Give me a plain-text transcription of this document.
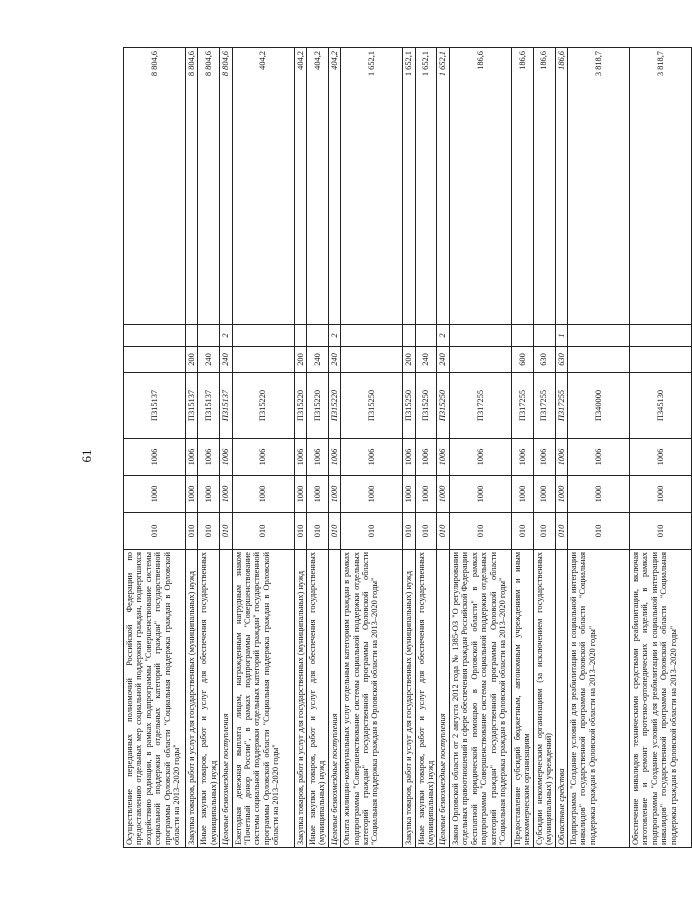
61
Осуществление переданных полномочий Российской Федерации по предоставлению отдельных мер социальной поддержки граждан, подвергшихся воздействию радиации, в рамках подпрограммы "Совершенствование системы социальной поддержки отдельных категорий граждан" государственной программы Орловской области "Социальная поддержка граждан в Орловской области на 2013–2020 годы"	010	1000	1006	П315137			8 804,6
Закупка товаров, работ и услуг для государственных (муниципальных) нужд	010	1000	1006	П315137	200		8 804,6
Иные закупки товаров, работ и услуг для обеспечения государственных (муниципальных) нужд	010	1000	1006	П315137	240		8 804,6
Целевые безвозмездные поступления	010	1000	1006	П315137	240	2	8 804,6
Ежегодная денежная выплата лицам, награжденным нагрудным знаком "Почетный донор России", в рамках подпрограммы "Совершенствование системы социальной поддержки отдельных категорий граждан" государственной программы Орловской области "Социальная поддержка граждан в Орловской области на 2013–2020 годы"	010	1000	1006	П315220			404,2
Закупка товаров, работ и услуг для государственных (муниципальных) нужд	010	1000	1006	П315220	200		404,2
Иные закупки товаров, работ и услуг для обеспечения государственных (муниципальных) нужд	010	1000	1006	П315220	240		404,2
Целевые безвозмездные поступления	010	1000	1006	П315220	240	2	404,2
Оплата жилищно-коммунальных услуг отдельным категориям граждан в рамках подпрограммы "Совершенствование системы социальной поддержки отдельных категорий граждан" государственной программы Орловской области "Социальная поддержка граждан в Орловской области на 2013–2020 годы"	010	1000	1006	П315250			1 652,1
Закупка товаров, работ и услуг для государственных (муниципальных) нужд	010	1000	1006	П315250	200		1 652,1
Иные закупки товаров, работ и услуг для обеспечения государственных (муниципальных) нужд	010	1000	1006	П315250	240		1 652,1
Целевые безвозмездные поступления	010	1000	1006	П315250	240	2	1 652,1
Закон Орловской области от 2 августа 2012 года № 1385-ОЗ "О регулировании отдельных правоотношений в сфере обеспечения граждан Российской Федерации бесплатной юридической помощью в Орловской области" в рамках подпрограммы "Совершенствование системы социальной поддержки отдельных категорий граждан" государственной программы Орловской области "Социальная поддержка граждан в Орловской области на 2013–2020 годы"	010	1000	1006	П317255			186,6
Предоставление субсидий бюджетным, автономным учреждениям и иным некоммерческим организациям	010	1000	1006	П317255	600		186,6
Субсидии некоммерческим организациям (за исключением государственных (муниципальных) учреждений)	010	1000	1006	П317255	630		186,6
Областные средства	010	1000	1006	П317255	630	1	186,6
Подпрограмма "Создание условий для реабилитации и социальной интеграции инвалидов" государственной программы Орловской области "Социальная поддержка граждан в Орловской области на 2013–2020 годы"	010	1000	1006	П340000			3 818,7
Обеспечение инвалидов техническими средствами реабилитации, включая изготовление и ремонт протезно-ортопедических изделий, в рамках подпрограммы "Создание условий для реабилитации и социальной интеграции инвалидов" государственной программы Орловской области "Социальная поддержка граждан в Орловской области на 2013–2020 годы"	010	1000	1006	П345130			3 818,7
